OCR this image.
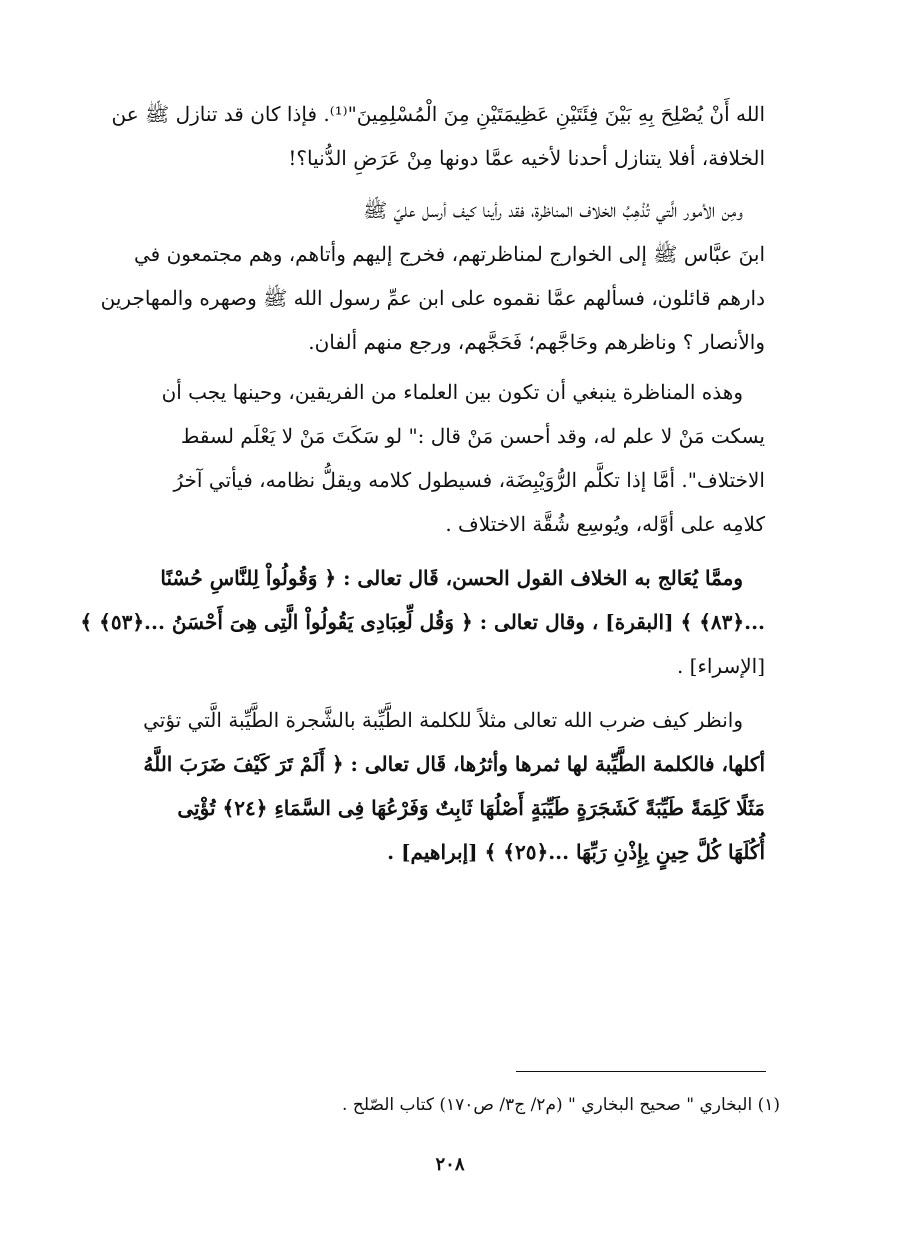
الله أَنْ يُصْلِحَ بِهِ بَيْنَ فِئَتَيْنِ عَظِيمَتَيْنِ مِنَ الْمُسْلِمِينَ"⁽¹⁾. فإذا كان قد تنازل ﷺ عن
الخلافة، أفلا يتنازل أحدنا لأخيه عمَّا دونها مِنْ عَرَضِ الدُّنيا؟!
ومِن الأمور الَّتي تُذْهِبُ الخلاف المناظرة، فقد رأينا كيف أرسل عليّ ﷺ
ابنَ عبَّاس ﷺ إلى الخوارج لمناظرتهم، فخرج إليهم وأتاهم، وهم مجتمعون في
دارهم قائلون، فسألهم عمَّا نقموه على ابن عمِّ رسول الله ﷺ وصهره والمهاجرين
والأنصار ؟ وناظرهم وحَاجَّهم؛ فَحَجَّهم، ورجع منهم ألفان.
وهذه المناظرة ينبغي أن تكون بين العلماء من الفريقين، وحينها يجب أن
يسكت مَنْ لا علم له، وقد أحسن مَنْ قال :" لو سَكَتَ مَنْ لا يَعْلَم لسقط
الاختلاف". أمَّا إذا تكلَّم الرُّوَيْبِضَة، فسيطول كلامه ويقلُّ نظامه، فيأتي آخرُ
كلامِه على أوَّله، ويُوسِع شُقَّة الاختلاف .
وممَّا يُعَالج به الخلاف القول الحسن، قَال تعالى : ﴿ وَقُولُواْ لِلنَّاسِ حُسْنًا
...﴿٨٣﴾ ﴾ [البقرة] ، وقال تعالى : ﴿ وَقُل لِّعِبَادِى يَقُولُواْ الَّتِى هِىَ أَحْسَنُ ...﴿٥٣﴾ ﴾
[الإسراء] .
وانظر كيف ضرب الله تعالى مثلاً للكلمة الطَّيِّبة بالشَّجرة الطَّيِّبة الَّتي تؤتي
أكلها، فالكلمة الطَّيِّبة لها ثمرها وأثرُها، قَال تعالى : ﴿ أَلَمْ تَرَ كَيْفَ ضَرَبَ اللَّهُ
مَثَلًا كَلِمَةً طَيِّبَةً كَشَجَرَةٍ طَيِّبَةٍ أَصْلُهَا ثَابِتٌ وَفَرْعُهَا فِى السَّمَاءِ ﴿٢٤﴾ تُؤْتِى
أُكُلَهَا كُلَّ حِينٍ بِإِذْنِ رَبِّهَا ...﴿٢٥﴾ ﴾ [إبراهيم] .
(١) البخاري " صحيح البخاري " (م٢/ ج٣/ ص١٧٠) كتاب الصّلح .
٢٠٨
